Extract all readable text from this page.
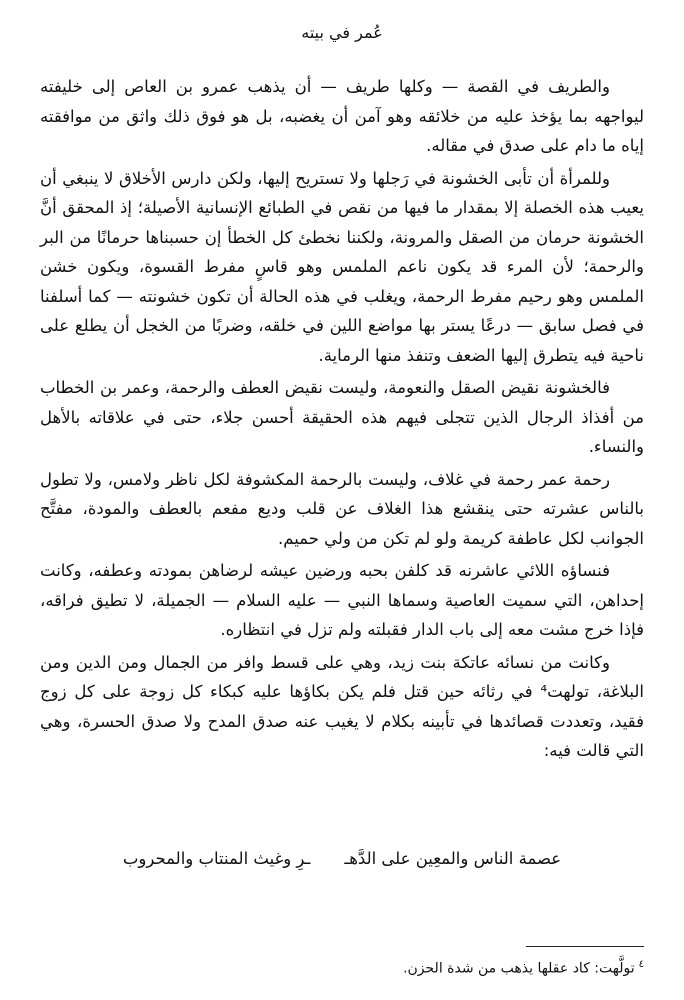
عُمر في بيته

والطريف في القصة — وكلها طريف — أن يذهب عمرو بن العاص إلى خليفته ليواجهه بما يؤخذ عليه من خلائقه وهو آمن أن يغضبه، بل هو فوق ذلك واثق من موافقته إياه ما دام على صدق في مقاله.

وللمرأة أن تأبى الخشونة في رَجلها ولا تستريح إليها، ولكن دارس الأخلاق لا ينبغي أن يعيب هذه الخصلة إلا بمقدار ما فيها من نقص في الطبائع الإنسانية الأصيلة؛ إذ المحقق أنَّ الخشونة حرمان من الصقل والمرونة، ولكننا نخطئ كل الخطأ إن حسبناها حرمانًا من البر والرحمة؛ لأن المرء قد يكون ناعم الملمس وهو قاسٍ مفرط القسوة، ويكون خشن الملمس وهو رحيم مفرط الرحمة، ويغلب في هذه الحالة أن تكون خشونته — كما أسلفنا في فصل سابق — درعًا يستر بها مواضع اللين في خلقه، وضربًا من الخجل أن يطلع على ناحية فيه يتطرق إليها الضعف وتنفذ منها الرماية.

فالخشونة نقيض الصقل والنعومة، وليست نقيض العطف والرحمة، وعمر بن الخطاب من أفذاذ الرجال الذين تتجلى فيهم هذه الحقيقة أحسن جلاء، حتى في علاقاته بالأهل والنساء.

رحمة عمر رحمة في غلاف، وليست بالرحمة المكشوفة لكل ناظر ولامس، ولا تطول بالناس عشرته حتى ينقشع هذا الغلاف عن قلب وديع مفعم بالعطف والمودة، مفتَّح الجوانب لكل عاطفة كريمة ولو لم تكن من ولي حميم.

فنساؤه اللائي عاشرنه قد كلفن بحبه ورضين عيشه لرضاهن بمودته وعطفه، وكانت إحداهن، التي سميت العاصية وسماها النبي — عليه السلام — الجميلة، لا تطيق فراقه، فإذا خرج مشت معه إلى باب الدار فقبلته ولم تزل في انتظاره.

وكانت من نسائه عاتكة بنت زيد، وهي على قسط وافر من الجمال ومن الدين ومن البلاغة، تولهت⁴ في رثائه حين قتل فلم يكن بكاؤها عليه كبكاء كل زوجة على كل زوج فقيد، وتعددت قصائدها في تأبينه بكلام لا يغيب عنه صدق المدح ولا صدق الحسرة، وهي التي قالت فيه:

عصمة الناس والمعِين على الدَّهـ
ـرِ وغيث المنتاب والمحروب
$^٤$تولَّهت: كاد عقلها يذهب من شدة الحزن.
